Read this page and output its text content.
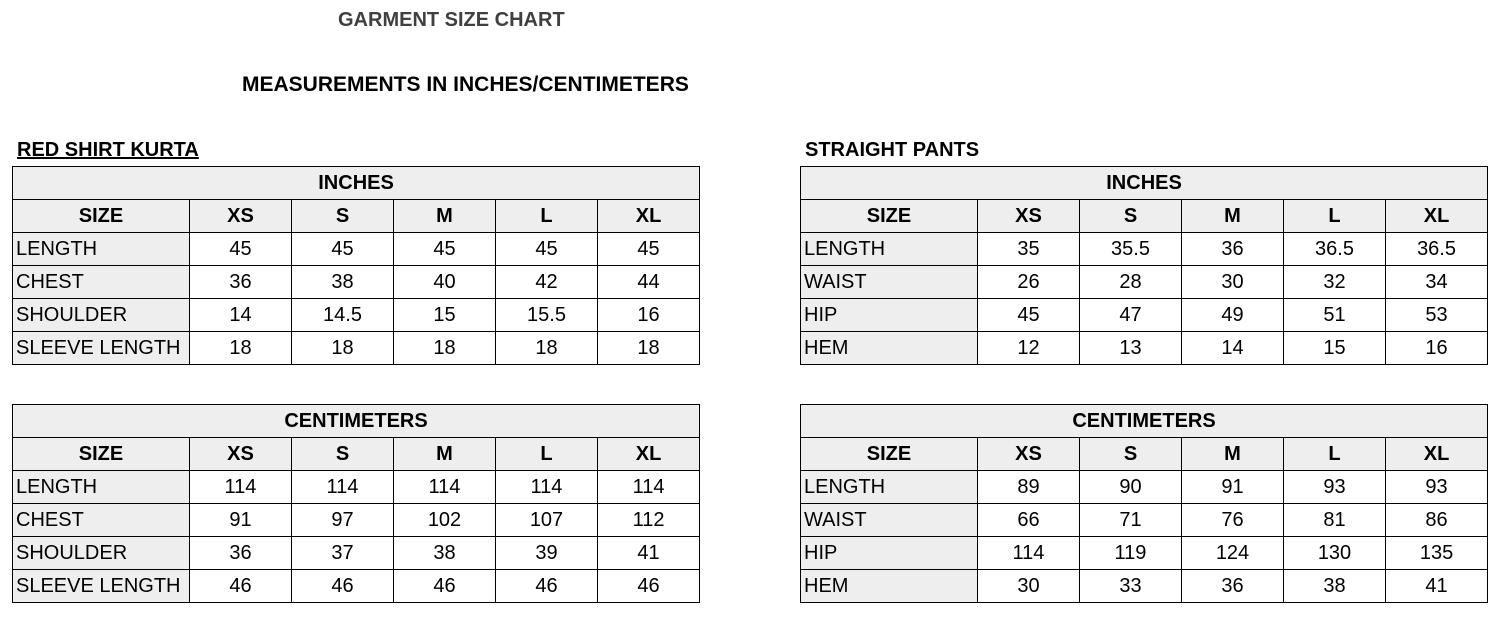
GARMENT SIZE CHART
MEASUREMENTS IN INCHES/CENTIMETERS
RED SHIRT KURTA	STRAIGHT PANTS
INCHES					
SIZE	XS	S	M	L	XL
LENGTH	45	45	45	45	45
CHEST	36	38	40	42	44
SHOULDER	14	14.5	15	15.5	16
SLEEVE LENGTH	18	18	18	18	18
CENTIMETERS					
SIZE	XS	S	M	L	XL
LENGTH	114	114	114	114	114
CHEST	91	97	102	107	112
SHOULDER	36	37	38	39	41
SLEEVE LENGTH	46	46	46	46	46
INCHES					
SIZE	XS	S	M	L	XL
LENGTH	35	35.5	36	36.5	36.5
WAIST	26	28	30	32	34
HIP	45	47	49	51	53
HEM	12	13	14	15	16
CENTIMETERS					
SIZE	XS	S	M	L	XL
LENGTH	89	90	91	93	93
WAIST	66	71	76	81	86
HIP	114	119	124	130	135
HEM	30	33	36	38	41
